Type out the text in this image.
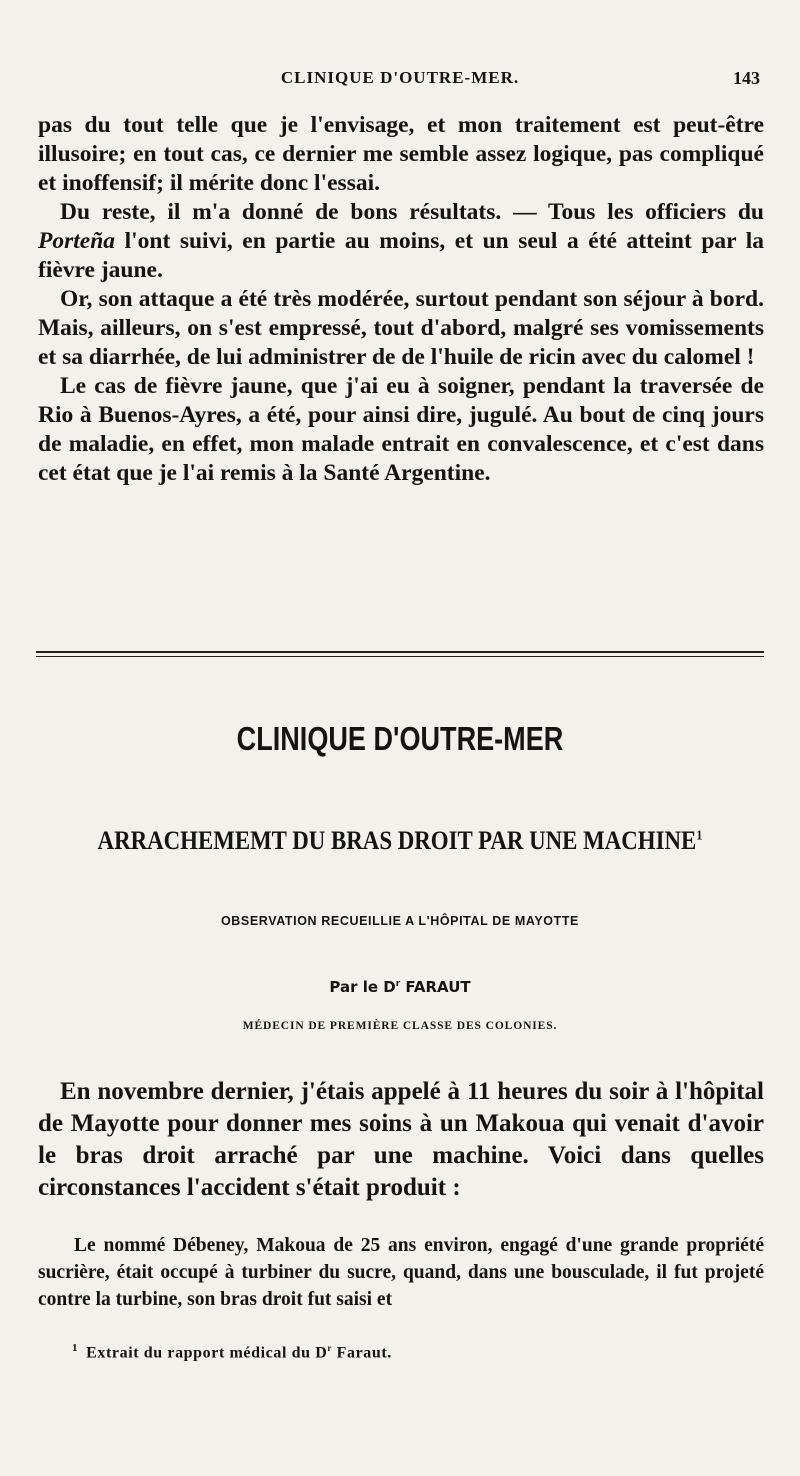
CLINIQUE D'OUTRE-MER.	143

pas du tout telle que je l'envisage, et mon traitement est peut-être illusoire; en tout cas, ce dernier me semble assez logique, pas compliqué et inoffensif; il mérite donc l'essai.

Du reste, il m'a donné de bons résultats. — Tous les officiers du Porteña l'ont suivi, en partie au moins, et un seul a été atteint par la fièvre jaune.

Or, son attaque a été très modérée, surtout pendant son séjour à bord. Mais, ailleurs, on s'est empressé, tout d'abord, malgré ses vomissements et sa diarrhée, de lui administrer de de l'huile de ricin avec du calomel !

Le cas de fièvre jaune, que j'ai eu à soigner, pendant la traversée de Rio à Buenos-Ayres, a été, pour ainsi dire, jugulé. Au bout de cinq jours de maladie, en effet, mon malade entrait en convalescence, et c'est dans cet état que je l'ai remis à la Santé Argentine.

CLINIQUE D'OUTRE-MER
ARRACHEMEMT DU BRAS DROIT PAR UNE MACHINE$^1$
OBSERVATION RECUEILLIE A L'HÔPITAL DE MAYOTTE
Par le $D^r$ FARAUT
MÉDECIN DE PREMIÈRE CLASSE DES COLONIES.

En novembre dernier, j'étais appelé à 11 heures du soir à l'hôpital de Mayotte pour donner mes soins à un Makoua qui venait d'avoir le bras droit arraché par une machine. Voici dans quelles circonstances l'accident s'était produit :

Le nommé Débeney, Makoua de 25 ans environ, engagé d'une grande propriété sucrière, était occupé à turbiner du sucre, quand, dans une bousculade, il fut projeté contre la turbine, son bras droit fut saisi et

$^1$ Extrait du rapport médical du $D^r$ Faraut.
